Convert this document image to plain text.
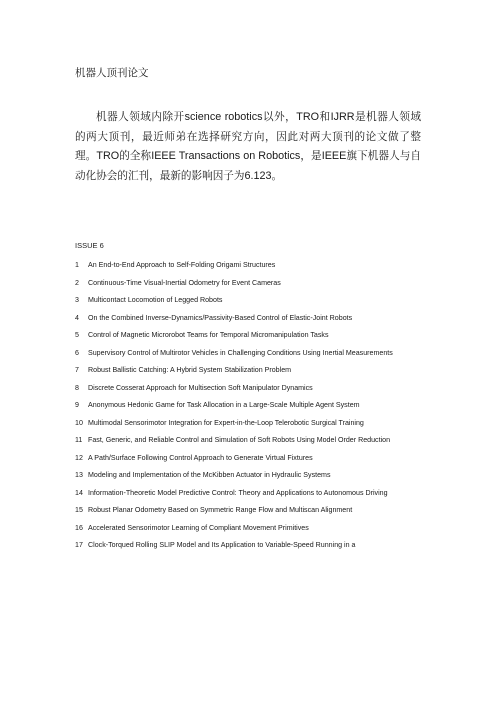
机器人顶刊论文

机器人领域内除开science robotics以外，TRO和IJRR是机器人领域的两大顶刊，最近师弟在选择研究方向，因此对两大顶刊的论文做了整理。TRO的全称IEEE Transactions on Robotics，是IEEE旗下机器人与自动化协会的汇刊，最新的影响因子为6.123。

ISSUE 6
1 An End-to-End Approach to Self-Folding Origami Structures
2 Continuous-Time Visual-Inertial Odometry for Event Cameras
3 Multicontact Locomotion of Legged Robots
4 On the Combined Inverse-Dynamics/Passivity-Based Control of Elastic-Joint Robots
5 Control of Magnetic Microrobot Teams for Temporal Micromanipulation Tasks
6 Supervisory Control of Multirotor Vehicles in Challenging Conditions Using Inertial Measurements
7 Robust Ballistic Catching: A Hybrid System Stabilization Problem
8 Discrete Cosserat Approach for Multisection Soft Manipulator Dynamics
9 Anonymous Hedonic Game for Task Allocation in a Large-Scale Multiple Agent System
10 Multimodal Sensorimotor Integration for Expert-in-the-Loop Telerobotic Surgical Training
11 Fast, Generic, and Reliable Control and Simulation of Soft Robots Using Model Order Reduction
12 A Path/Surface Following Control Approach to Generate Virtual Fixtures
13 Modeling and Implementation of the McKibben Actuator in Hydraulic Systems
14 Information-Theoretic Model Predictive Control: Theory and Applications to Autonomous Driving
15 Robust Planar Odometry Based on Symmetric Range Flow and Multiscan Alignment
16 Accelerated Sensorimotor Learning of Compliant Movement Primitives
17 Clock-Torqued Rolling SLIP Model and Its Application to Variable-Speed Running in a
